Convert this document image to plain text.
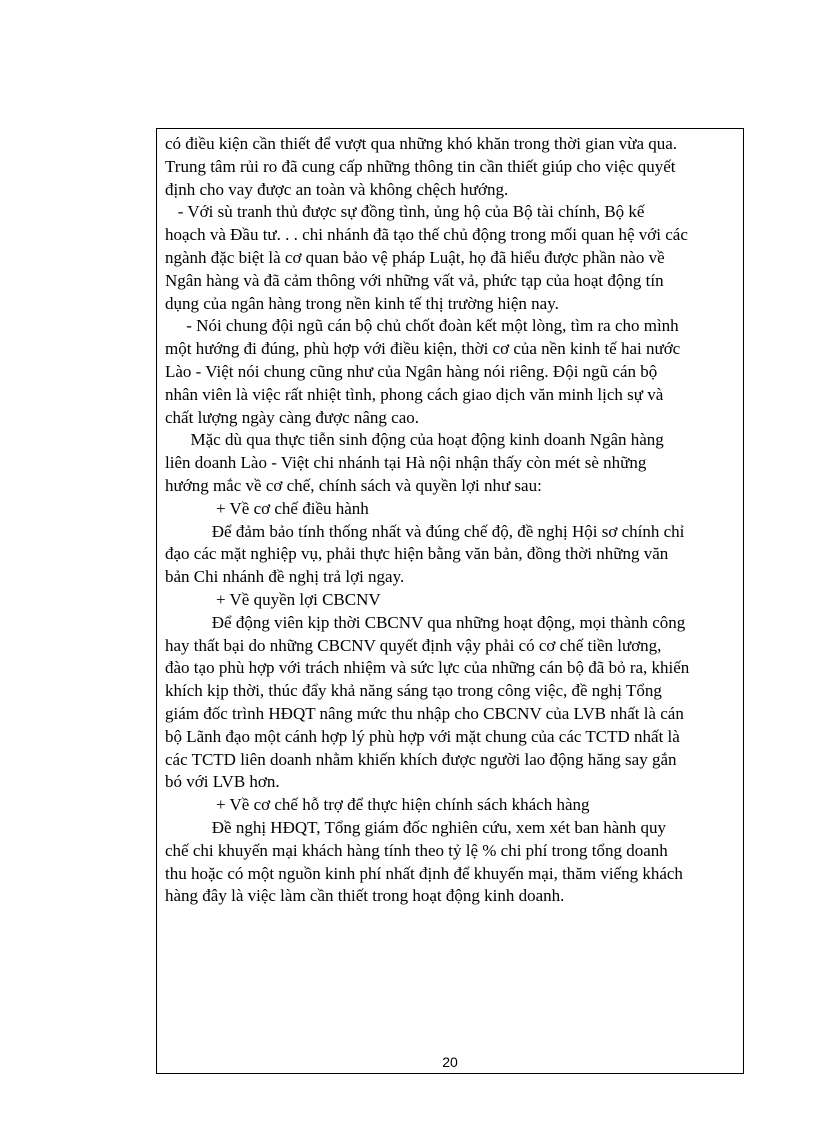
có điều kiện cần thiết để vượt qua những khó khăn trong thời gian vừa qua.
Trung tâm rủi ro đã cung cấp những thông tin cần thiết giúp cho việc quyết
định cho vay được an toàn và không chệch hướng.
- Với sù tranh thủ được sự đồng tình, ủng hộ của Bộ tài chính, Bộ kế
hoạch và Đầu tư. . . chi nhánh đã tạo thế chủ động trong mối quan hệ với các
ngành đặc biệt là cơ quan bảo vệ pháp Luật, họ đã hiểu được phần nào về
Ngân hàng và đã cảm thông với những vất vả, phức tạp của hoạt động tín
dụng của ngân hàng trong nền kinh tế thị trường hiện nay.
- Nói chung đội ngũ cán bộ chủ chốt đoàn kết một lòng, tìm ra cho mình
một hướng đi đúng, phù hợp với điều kiện, thời cơ của nền kinh tế hai nước
Lào - Việt nói chung cũng như của Ngân hàng nói riêng. Đội ngũ cán bộ
nhân viên là việc rất nhiệt tình, phong cách giao dịch văn minh lịch sự và
chất lượng ngày càng được nâng cao.
Mặc dù qua thực tiễn sinh động của hoạt động kinh doanh Ngân hàng
liên doanh Lào - Việt chi nhánh tại Hà nội nhận thấy còn mét sè những
hướng mắc về cơ chế, chính sách và quyền lợi như sau:
+ Về cơ chế điều hành
Để đảm bảo tính thống nhất và đúng chế độ, đề nghị Hội sơ chính chỉ
đạo các mặt nghiệp vụ, phải thực hiện bằng văn bản, đồng thời những văn
bản Chi nhánh đề nghị trả lợi ngay.
+ Về quyền lợi CBCNV
Để động viên kịp thời CBCNV qua những hoạt động, mọi thành công
hay thất bại do những CBCNV quyết định vậy phải có cơ chế tiền lương,
đào tạo phù hợp với trách nhiệm và sức lực của những cán bộ đã bỏ ra, khiến
khích kịp thời, thúc đẩy khả năng sáng tạo trong công việc, đề nghị Tổng
giám đốc trình HĐQT nâng mức thu nhập cho CBCNV của LVB nhất là cán
bộ Lãnh đạo một cánh hợp lý phù hợp với mặt chung của các TCTD nhất là
các TCTD liên doanh nhằm khiến khích được người lao động hăng say gắn
bó với LVB hơn.
+ Về cơ chế hỗ trợ để thực hiện chính sách khách hàng
Đề nghị HĐQT, Tổng giám đốc nghiên cứu, xem xét ban hành quy
chế chi khuyến mại khách hàng tính theo tỷ lệ % chi phí trong tổng doanh
thu hoặc có một nguồn kinh phí nhất định để khuyến mại, thăm viếng khách
hàng đây là việc làm cần thiết trong hoạt động kinh doanh.
20
